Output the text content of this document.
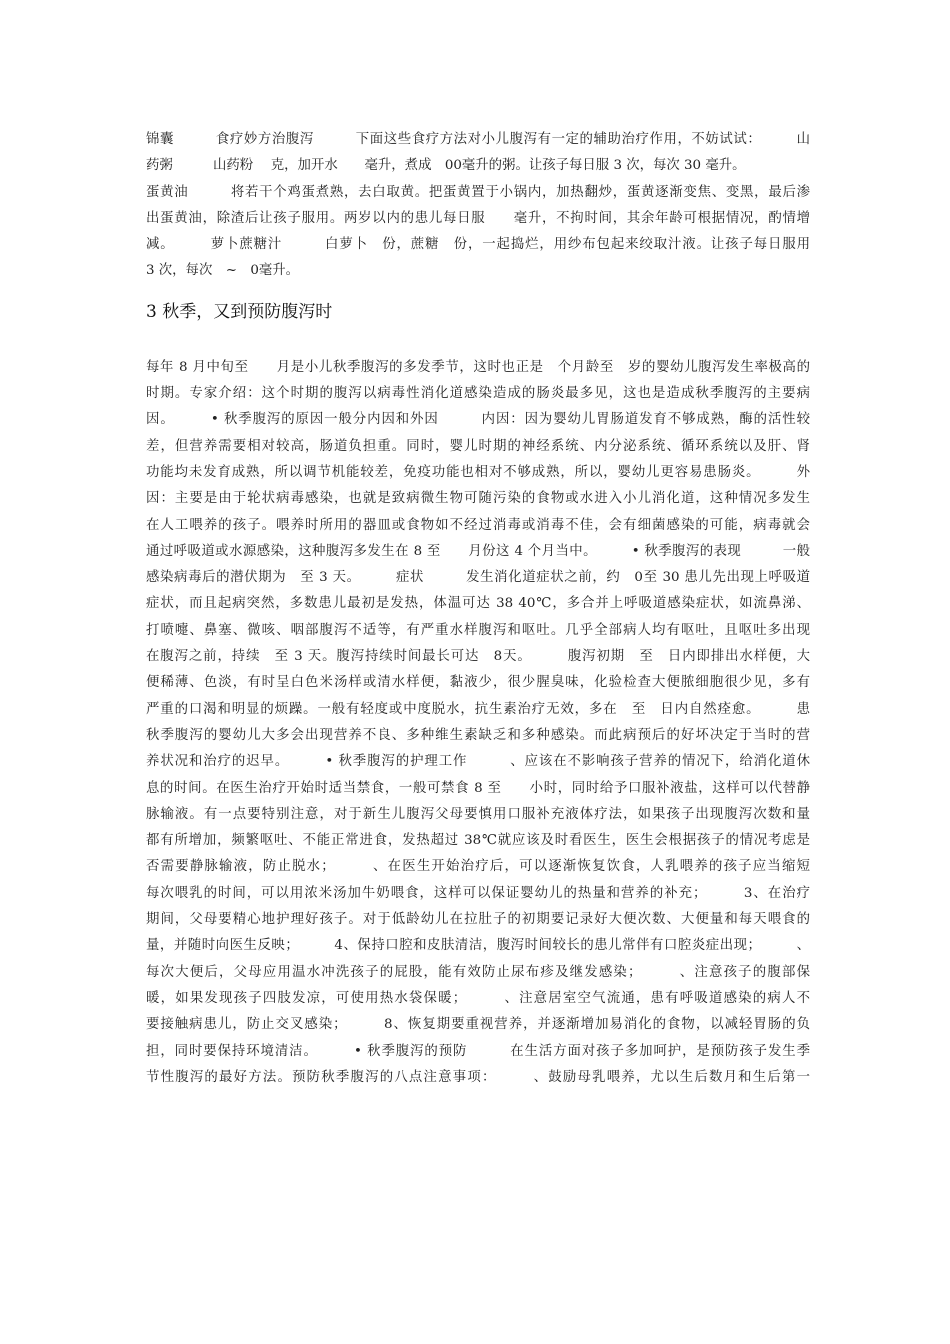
锦囊　　　食疗妙方治腹泻　　　下面这些食疗方法对小儿腹泻有一定的辅助治疗作用，不妨试试：　　　山
药粥　　　山药粉　 克，加开水　　毫升，煮成　00毫升的粥。让孩子每日服 3 次，每次 30 毫升。
蛋黄油　　　将若干个鸡蛋煮熟，去白取黄。把蛋黄置于小锅内，加热翻炒，蛋黄逐渐变焦、变黑，最后渗
出蛋黄油，除渣后让孩子服用。两岁以内的患儿每日服　　毫升，不拘时间，其余年龄可根据情况，酌情增
减。　　　萝卜蔗糖汁　　　白萝卜　份，蔗糖　份，一起捣烂，用纱布包起来绞取汁液。让孩子每日服用
3 次，每次　~　0毫升。
3 秋季，又到预防腹泻时
每年 8 月中旬至　　月是小儿秋季腹泻的多发季节，这时也正是　个月龄至　岁的婴幼儿腹泻发生率极高的
时期。专家介绍：这个时期的腹泻以病毒性消化道感染造成的肠炎最多见，这也是造成秋季腹泻的主要病
因。　　　• 秋季腹泻的原因一般分内因和外因　　　内因：因为婴幼儿胃肠道发育不够成熟，酶的活性较
差，但营养需要相对较高，肠道负担重。同时，婴儿时期的神经系统、内分泌系统、循环系统以及肝、肾
功能均未发育成熟，所以调节机能较差，免疫功能也相对不够成熟，所以，婴幼儿更容易患肠炎。　　　外
因：主要是由于轮状病毒感染，也就是致病微生物可随污染的食物或水进入小儿消化道，这种情况多发生
在人工喂养的孩子。喂养时所用的器皿或食物如不经过消毒或消毒不佳，会有细菌感染的可能，病毒就会
通过呼吸道或水源感染，这种腹泻多发生在 8 至　　月份这 4 个月当中。　　　• 秋季腹泻的表现　　　一般
感染病毒后的潜伏期为　至 3 天。　　　症状　　　发生消化道症状之前，约　0至 30 患儿先出现上呼吸道
症状，而且起病突然，多数患儿最初是发热，体温可达 38 40℃，多合并上呼吸道感染症状，如流鼻涕、
打喷嚏、鼻塞、微咳、咽部腹泻不适等，有严重水样腹泻和呕吐。几乎全部病人均有呕吐，且呕吐多出现
在腹泻之前，持续　至 3 天。腹泻持续时间最长可达　8天。　　　腹泻初期　至　日内即排出水样便，大
便稀薄、色淡，有时呈白色米汤样或清水样便，黏液少，很少腥臭味，化验检查大便脓细胞很少见，多有
严重的口渴和明显的烦躁。一般有轻度或中度脱水，抗生素治疗无效，多在　至　日内自然痊愈。　　　患
秋季腹泻的婴幼儿大多会出现营养不良、多种维生素缺乏和多种感染。而此病预后的好坏决定于当时的营
养状况和治疗的迟早。　　　• 秋季腹泻的护理工作　　　、应该在不影响孩子营养的情况下，给消化道休
息的时间。在医生治疗开始时适当禁食，一般可禁食 8 至　　小时，同时给予口服补液盐，这样可以代替静
脉输液。有一点要特别注意，对于新生儿腹泻父母要慎用口服补充液体疗法，如果孩子出现腹泻次数和量
都有所增加，频繁呕吐、不能正常进食，发热超过 38℃就应该及时看医生，医生会根据孩子的情况考虑是
否需要静脉输液，防止脱水；　　　、在医生开始治疗后，可以逐渐恢复饮食，人乳喂养的孩子应当缩短
每次喂乳的时间，可以用浓米汤加牛奶喂食，这样可以保证婴幼儿的热量和营养的补充；　　　3、在治疗
期间，父母要精心地护理好孩子。对于低龄幼儿在拉肚子的初期要记录好大便次数、大便量和每天喂食的
量，并随时向医生反映；　　　4、保持口腔和皮肤清洁，腹泻时间较长的患儿常伴有口腔炎症出现；　　　、
每次大便后，父母应用温水冲洗孩子的屁股，能有效防止尿布疹及继发感染；　　　、注意孩子的腹部保
暖，如果发现孩子四肢发凉，可使用热水袋保暖；　　　、注意居室空气流通，患有呼吸道感染的病人不
要接触病患儿，防止交叉感染；　　　8、恢复期要重视营养，并逐渐增加易消化的食物，以减轻胃肠的负
担，同时要保持环境清洁。　　　• 秋季腹泻的预防　　　在生活方面对孩子多加呵护，是预防孩子发生季
节性腹泻的最好方法。预防秋季腹泻的八点注意事项：　　　、鼓励母乳喂养，尤以生后数月和生后第一
